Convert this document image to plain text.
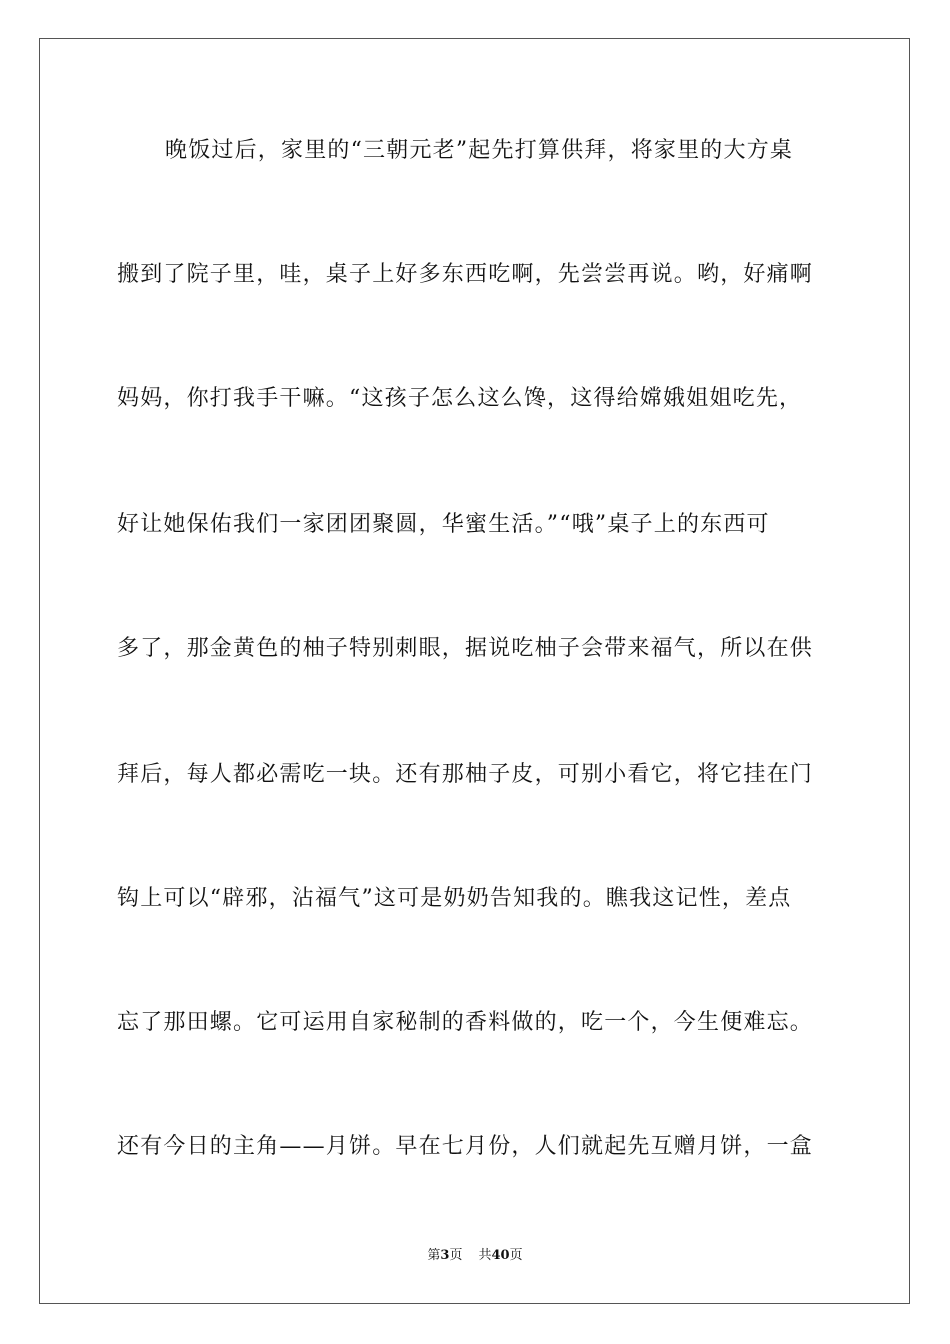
晚饭过后，家里的“三朝元老”起先打算供拜，将家里的大方桌
搬到了院子里，哇，桌子上好多东西吃啊，先尝尝再说。哟，好痛啊
妈妈，你打我手干嘛。“这孩子怎么这么馋，这得给嫦娥姐姐吃先，
好让她保佑我们一家团团聚圆，华蜜生活。”“哦”桌子上的东西可
多了，那金黄色的柚子特别刺眼，据说吃柚子会带来福气，所以在供
拜后，每人都必需吃一块。还有那柚子皮，可别小看它，将它挂在门
钩上可以“辟邪，沾福气”这可是奶奶告知我的。瞧我这记性，差点
忘了那田螺。它可运用自家秘制的香料做的，吃一个，今生便难忘。
还有今日的主角——月饼。早在七月份，人们就起先互赠月饼，一盒
第3页 共40页
